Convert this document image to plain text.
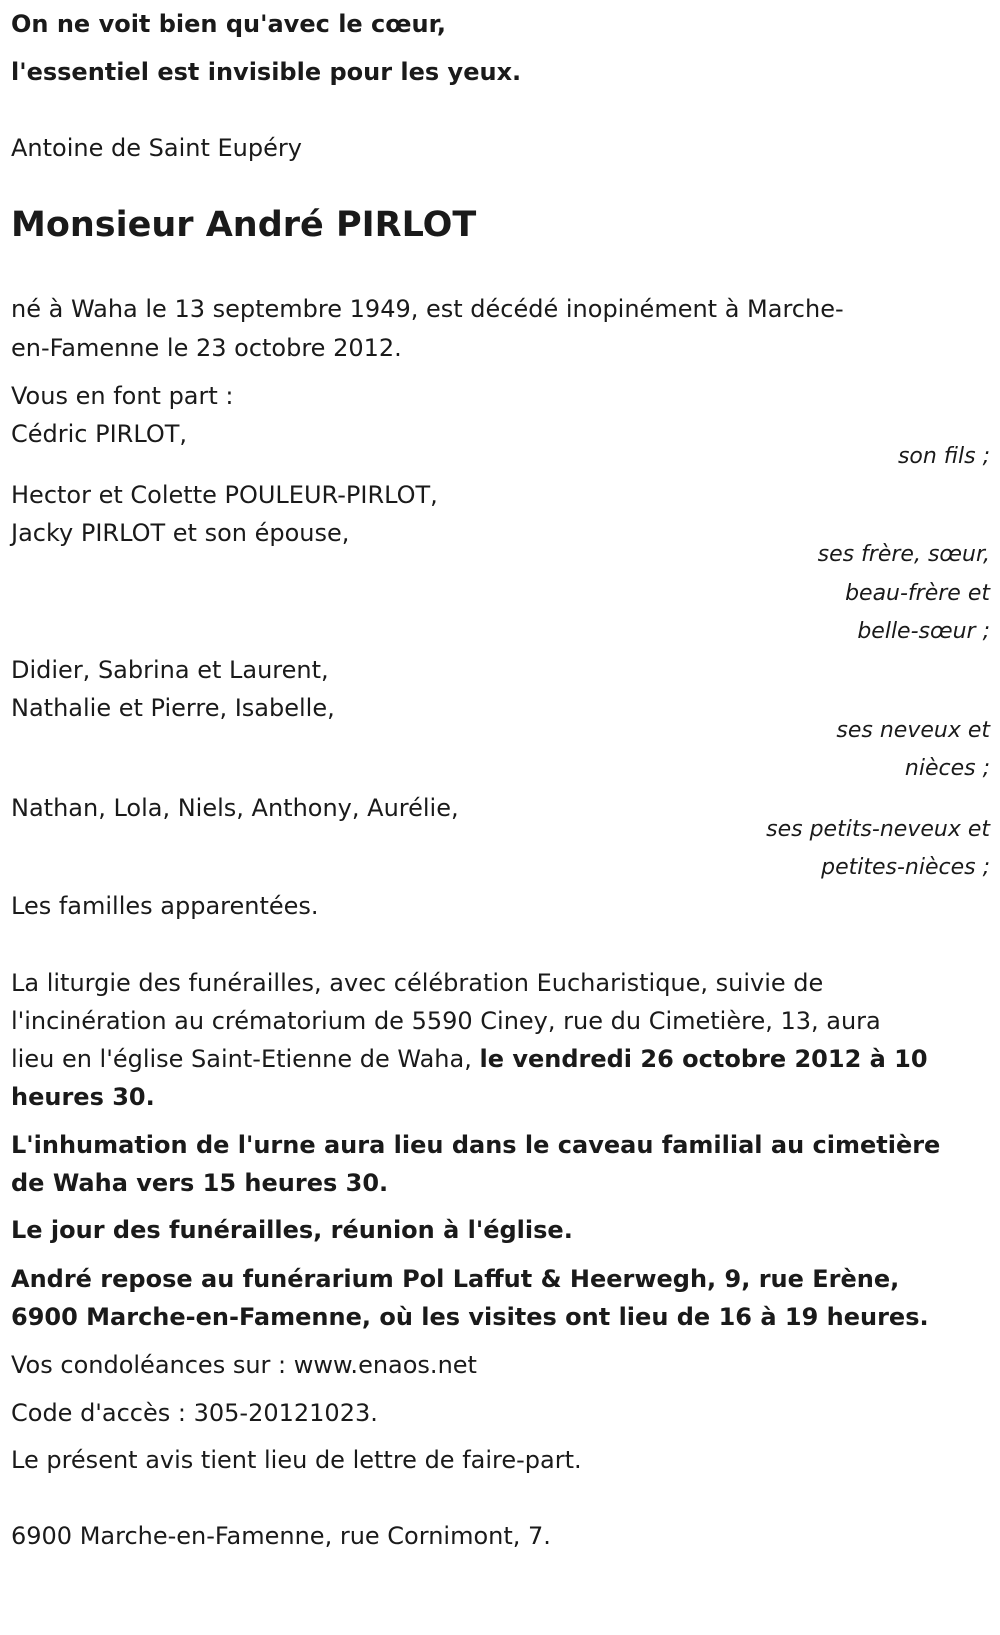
On ne voit bien qu'avec le cœur,

l'essentiel est invisible pour les yeux.

Antoine de Saint Eupéry

Monsieur André PIRLOT

né à Waha le 13 septembre 1949, est décédé inopinément à Marche-

en-Famenne le 23 octobre 2012.

Vous en font part :

Cédric PIRLOT,

son fils ;

Hector et Colette POULEUR-PIRLOT,

Jacky PIRLOT et son épouse,

ses frère, sœur,

beau-frère et

belle-sœur ;

Didier, Sabrina et Laurent,

Nathalie et Pierre, Isabelle,

ses neveux et

nièces ;

Nathan, Lola, Niels, Anthony, Aurélie,

ses petits-neveux et

petites-nièces ;

Les familles apparentées.

La liturgie des funérailles, avec célébration Eucharistique, suivie de

l'incinération au crématorium de 5590 Ciney, rue du Cimetière, 13, aura

lieu en l'église Saint-Etienne de Waha, le vendredi 26 octobre 2012 à 10

heures 30.

L'inhumation de l'urne aura lieu dans le caveau familial au cimetière

de Waha vers 15 heures 30.

Le jour des funérailles, réunion à l'église.

André repose au funérarium Pol Laffut & Heerwegh, 9, rue Erène,

6900 Marche-en-Famenne, où les visites ont lieu de 16 à 19 heures.

Vos condoléances sur : www.enaos.net

Code d'accès : 305-20121023.

Le présent avis tient lieu de lettre de faire-part.

6900 Marche-en-Famenne, rue Cornimont, 7.
